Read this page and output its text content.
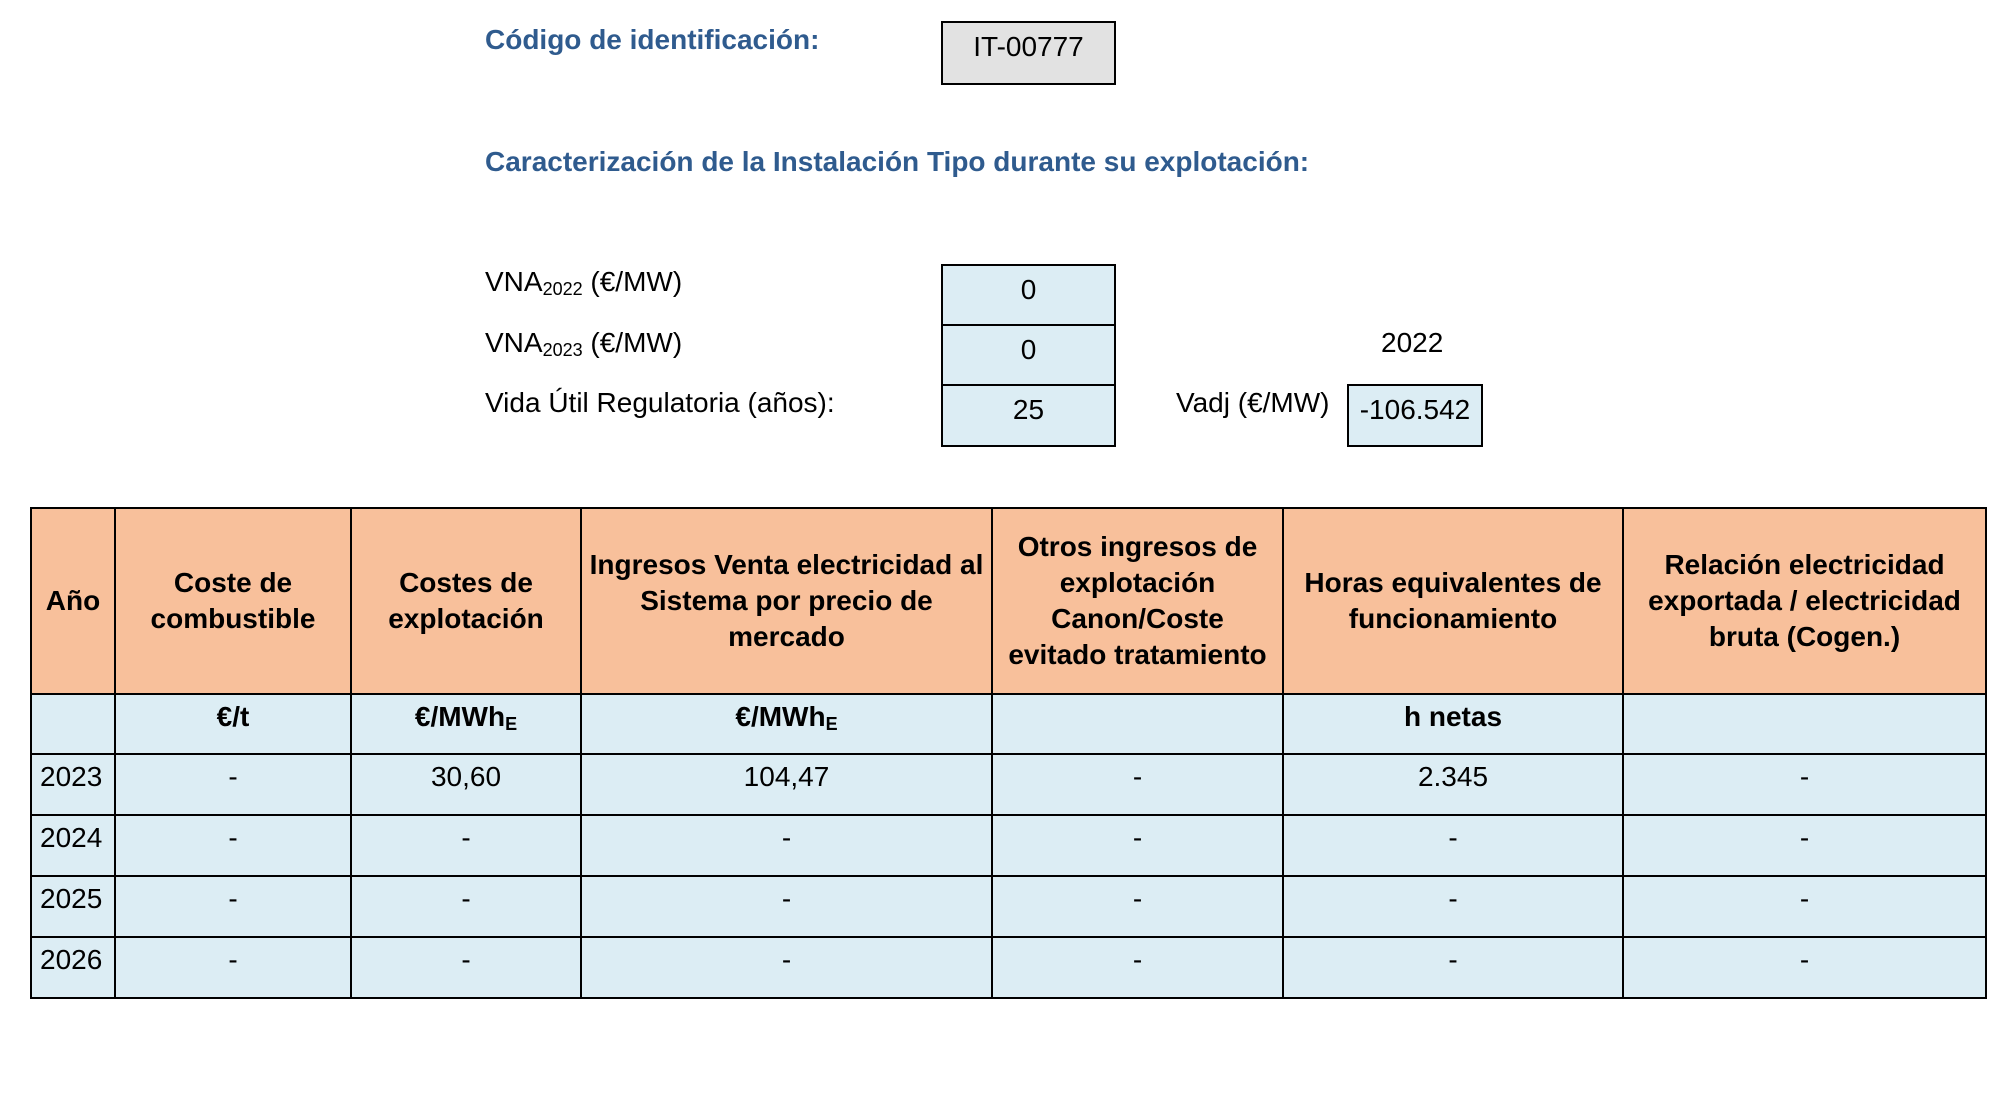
Código de identificación:	IT-00777
Caracterización de la Instalación Tipo durante su explotación:
$VNA_{2022}$ (€/MW)	0
$VNA_{2023}$ (€/MW)	0	2022
Vida Útil Regulatoria (años):	25	Vadj (€/MW)	-106.542
Año	Coste de combustible	Costes de explotación	Ingresos Venta electricidad al Sistema por precio de mercado	Otros ingresos de explotación Canon/Coste evitado tratamiento	Horas equivalentes de funcionamiento	Relación electricidad exportada / electricidad bruta (Cogen.)

	€/t	€/MWh$_E$	€/MWh$_E$		h netas	
2023	-	30,60	104,47	-	2.345	-
2024	-	-	-	-	-	-
2025	-	-	-	-	-	-
2026	-	-	-	-	-	-
